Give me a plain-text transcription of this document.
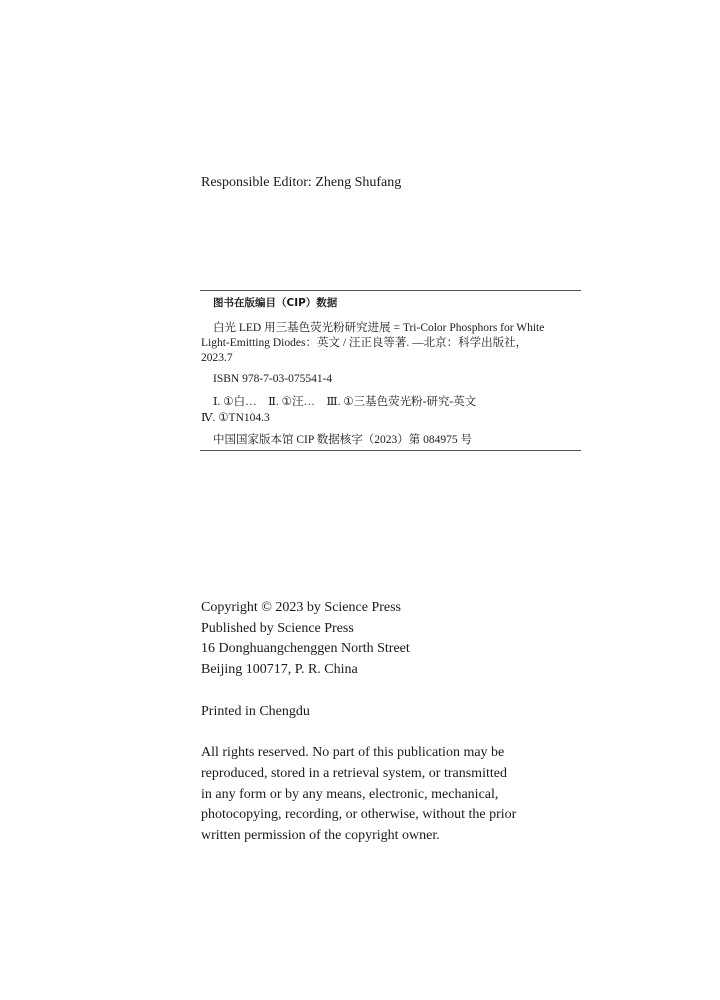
Responsible Editor: Zheng Shufang
图书在版编目（CIP）数据
白光 LED 用三基色荧光粉研究进展 = Tri-Color Phosphors for White
Light-Emitting Diodes：英文 / 汪正良等著. —北京：科学出版社，
2023.7
ISBN 978-7-03-075541-4
Ⅰ. ①白…　Ⅱ. ①汪…　Ⅲ. ①三基色荧光粉-研究-英文
Ⅳ. ①TN104.3
中国国家版本馆 CIP 数据核字（2023）第 084975 号
Copyright © 2023 by Science Press
Published by Science Press
16 Donghuangchenggen North Street
Beijing 100717, P. R. China
Printed in Chengdu
All rights reserved. No part of this publication may be
reproduced, stored in a retrieval system, or transmitted
in any form or by any means, electronic, mechanical,
photocopying, recording, or otherwise, without the prior
written permission of the copyright owner.
